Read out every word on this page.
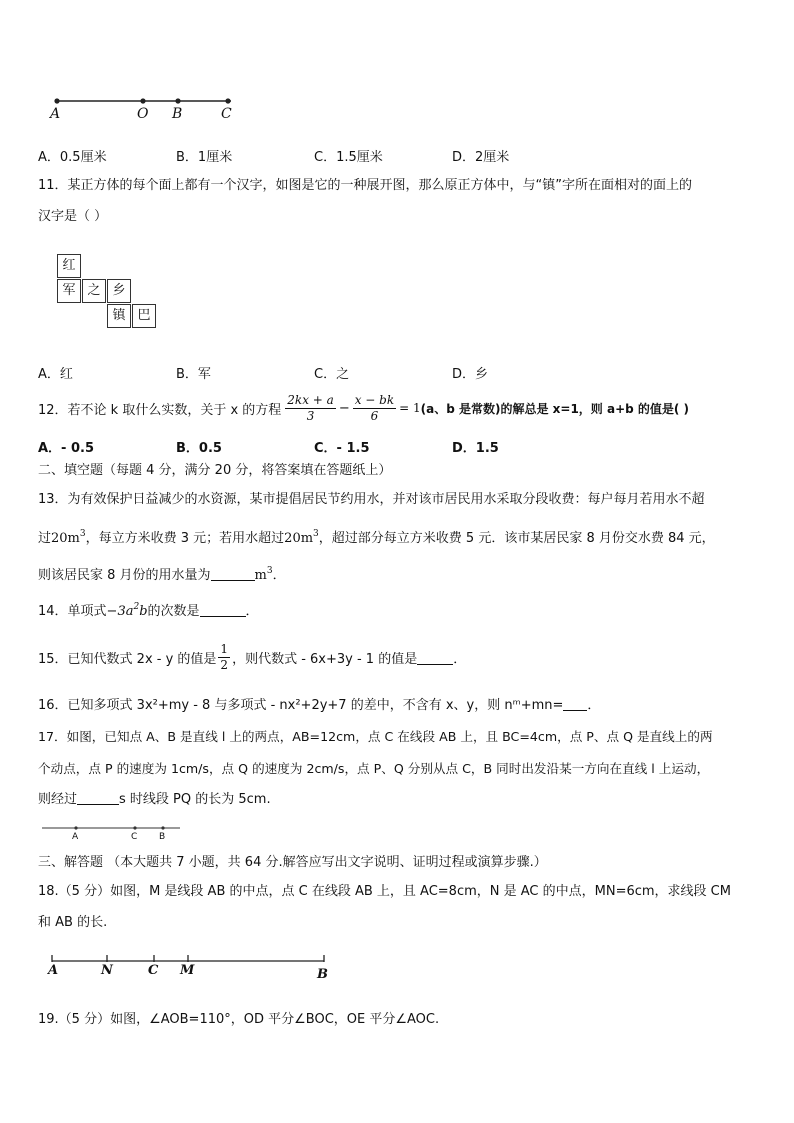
A	O B	C
A．0.5厘米	B．1厘米	C．1.5厘米	D．2厘米
11．某正方体的每个面上都有一个汉字，如图是它的一种展开图，那么原正方体中，与“镇”字所在面相对的面上的
汉字是（ ）
红
军 之 乡
镇 巴
A．红	B．军	C．之	D．乡
12．若不论 k 取什么实数，关于 x 的方程 $\frac{2kx + a}{3} - \frac{x - bk}{6} = 1$ (a、b 是常数)的解总是 x=1，则 a+b 的值是( )
A．- 0.5	B．0.5	C．- 1.5	D．1.5
二、填空题（每题 4 分，满分 20 分，将答案填在答题纸上）
13．为有效保护日益减少的水资源，某市提倡居民节约用水，并对该市居民用水采取分段收费：每户每月若用水不超
过$20m^3$，每立方米收费 3 元；若用水超过$20m^3$，超过部分每立方米收费 5 元．该市某居民家 8 月份交水费 84 元，
则该居民家 8 月份的用水量为	$m^3$．
14．单项式$-3a^2b$的次数是	．
15．已知代数式 2x - y 的值是 $\frac{1}{2}$ ，则代数式 - 6x+3y - 1 的值是	．
16．已知多项式 3x²+my - 8 与多项式 - nx²+2y+7 的差中，不含有 x、y，则 nᵐ+mn= ．
17．如图，已知点 A、B 是直线 l 上的两点，AB=12cm，点 C 在线段 AB 上，且 BC=4cm，点 P、点 Q 是直线上的两
个动点，点 P 的速度为 1cm/s，点 Q 的速度为 2cm/s，点 P、Q 分别从点 C，B 同时出发沿某一方向在直线 l 上运动，
则经过	s 时线段 PQ 的长为 5cm.
A	C B
三、解答题 （本大题共 7 小题，共 64 分.解答应写出文字说明、证明过程或演算步骤.）
18.（5 分）如图，M 是线段 AB 的中点，点 C 在线段 AB 上，且 AC=8cm，N 是 AC 的中点，MN=6cm，求线段 CM
和 AB 的长.
A	N	C M	B
19.（5 分）如图，∠AOB=110°，OD 平分∠BOC，OE 平分∠AOC.
